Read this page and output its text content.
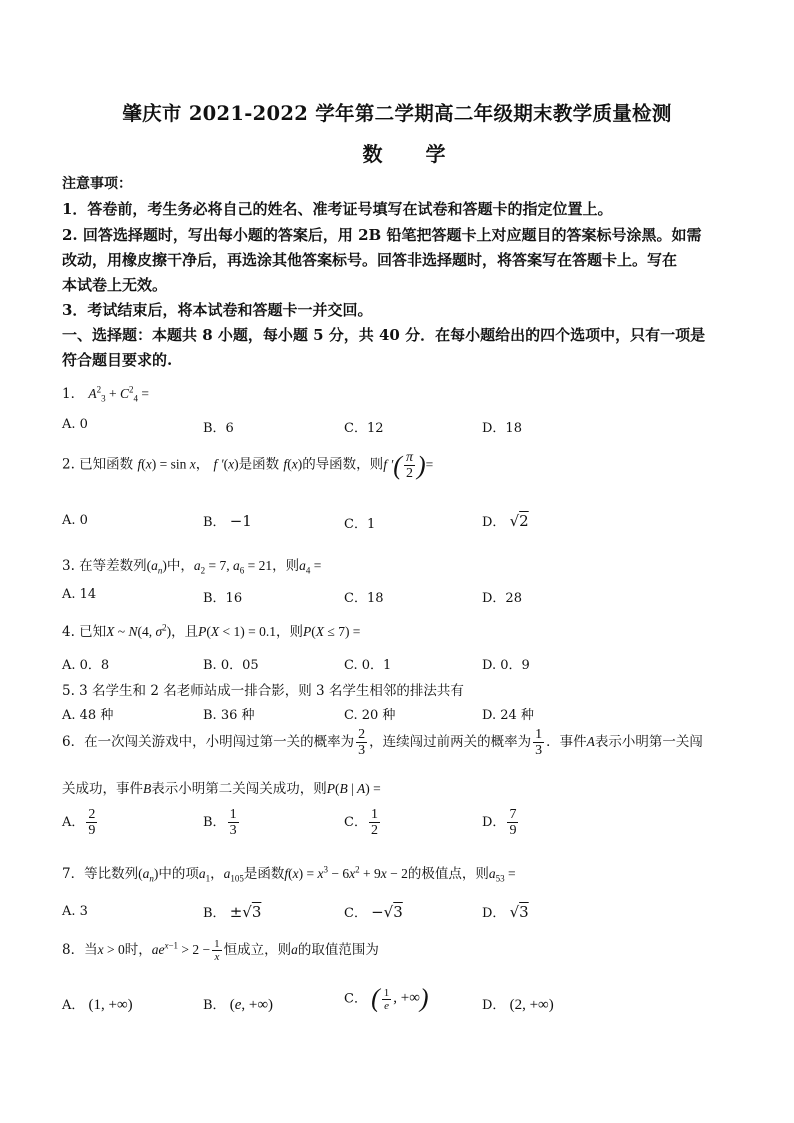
肇庆市 2021-2022 学年第二学期高二年级期末教学质量检测
数 学
注意事项：
1．答卷前，考生务必将自己的姓名、准考证号填写在试卷和答题卡的指定位置上。
2. 回答选择题时，写出每小题的答案后，用 2B 铅笔把答题卡上对应题目的答案标号涂黑。如需
改动，用橡皮擦干净后，再选涂其他答案标号。回答非选择题时，将答案写在答题卡上。写在
本试卷上无效。
3．考试结束后，将本试卷和答题卡一并交回。
一、选择题：本题共 8 小题，每小题 5 分，共 40 分．在每小题给出的四个选项中，只有一项是
符合题目要求的.
1． $A^2_3 + C^2_4$ =
A. 0	B．6	C．12	D．18
2. 已知函数 f(x) = sin x， f ′(x)是函数 f(x)的导函数，则f ′( $\frac{\pi}{2}$ )=
A. 0	B． −1	C．1	D． √2
3. 在等差数列$(a_n)$中，$a_2 = 7$, $a_6 = 21$，则$a_4$ =
A. 14	B．16	C．18	D．28
4. 已知X ~ N(4, $\sigma^2$)，且P(X < 1) = 0.1，则P(X ≤ 7) =
A. 0．8	B. 0．05	C. 0．1	D. 0．9
5. 3 名学生和 2 名老师站成一排合影，则 3 名学生相邻的排法共有
A. 48 种	B. 36 种	C. 20 种	D. 24 种
6．在一次闯关游戏中，小明闯过第一关的概率为 $\frac{2}{3}$ ，连续闯过前两关的概率为 $\frac{1}{3}$ ．事件A表示小明第一关闯
关成功，事件B表示小明第二关闯关成功，则P(B | A) =
A． $\frac{2}{9}$	B． $\frac{1}{3}$	C． $\frac{1}{2}$	D． $\frac{7}{9}$
7．等比数列$(a_n)$中的项$a_1$，$a_{105}$是函数$f(x) = x^3 - 6x^2 + 9x - 2$的极值点，则$a_{53}$ =
A. 3	B． ±√3	C． −√3	D． √3
8．当x > 0时，$ae^{x-1} > 2 - \frac{1}{x}$ 恒成立，则a的取值范围为
A． (1, +∞)	B． (e, +∞)	C． ( $\frac{1}{e}$ , +∞)	D． (2, +∞)
